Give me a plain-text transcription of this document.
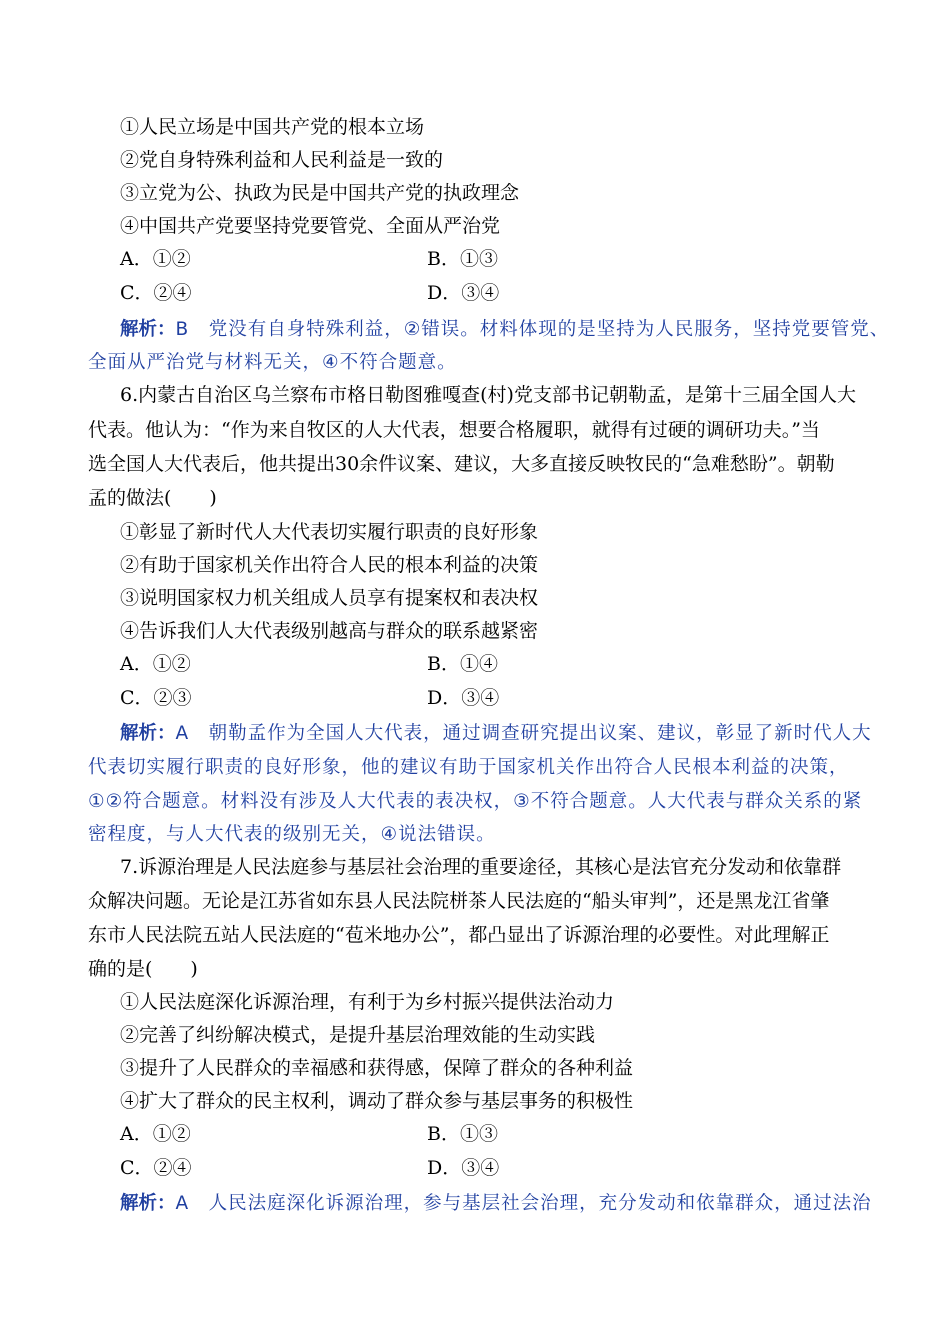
①人民立场是中国共产党的根本立场
②党自身特殊利益和人民利益是一致的
③立党为公、执政为民是中国共产党的执政理念
④中国共产党要坚持党要管党、全面从严治党
A．①②	B．①③
C．②④	D．③④
解析：B　党没有自身特殊利益，②错误。材料体现的是坚持为人民服务，坚持党要管党、
全面从严治党与材料无关，④不符合题意。
6.内蒙古自治区乌兰察布市格日勒图雅嘎查(村)党支部书记朝勒孟，是第十三届全国人大
代表。他认为：“作为来自牧区的人大代表，想要合格履职，就得有过硬的调研功夫。”当
选全国人大代表后，他共提出30余件议案、建议，大多直接反映牧民的“急难愁盼”。朝勒
孟的做法(　　)
①彰显了新时代人大代表切实履行职责的良好形象
②有助于国家机关作出符合人民的根本利益的决策
③说明国家权力机关组成人员享有提案权和表决权
④告诉我们人大代表级别越高与群众的联系越紧密
A．①②	B．①④
C．②③	D．③④
解析：A　朝勒孟作为全国人大代表，通过调查研究提出议案、建议，彰显了新时代人大
代表切实履行职责的良好形象，他的建议有助于国家机关作出符合人民根本利益的决策，
①②符合题意。材料没有涉及人大代表的表决权，③不符合题意。人大代表与群众关系的紧
密程度，与人大代表的级别无关，④说法错误。
7.诉源治理是人民法庭参与基层社会治理的重要途径，其核心是法官充分发动和依靠群
众解决问题。无论是江苏省如东县人民法院栟茶人民法庭的“船头审判”，还是黑龙江省肇
东市人民法院五站人民法庭的“苞米地办公”，都凸显出了诉源治理的必要性。对此理解正
确的是(　　)
①人民法庭深化诉源治理，有利于为乡村振兴提供法治动力
②完善了纠纷解决模式，是提升基层治理效能的生动实践
③提升了人民群众的幸福感和获得感，保障了群众的各种利益
④扩大了群众的民主权利，调动了群众参与基层事务的积极性
A．①②	B．①③
C．②④	D．③④
解析：A　人民法庭深化诉源治理，参与基层社会治理，充分发动和依靠群众，通过法治
